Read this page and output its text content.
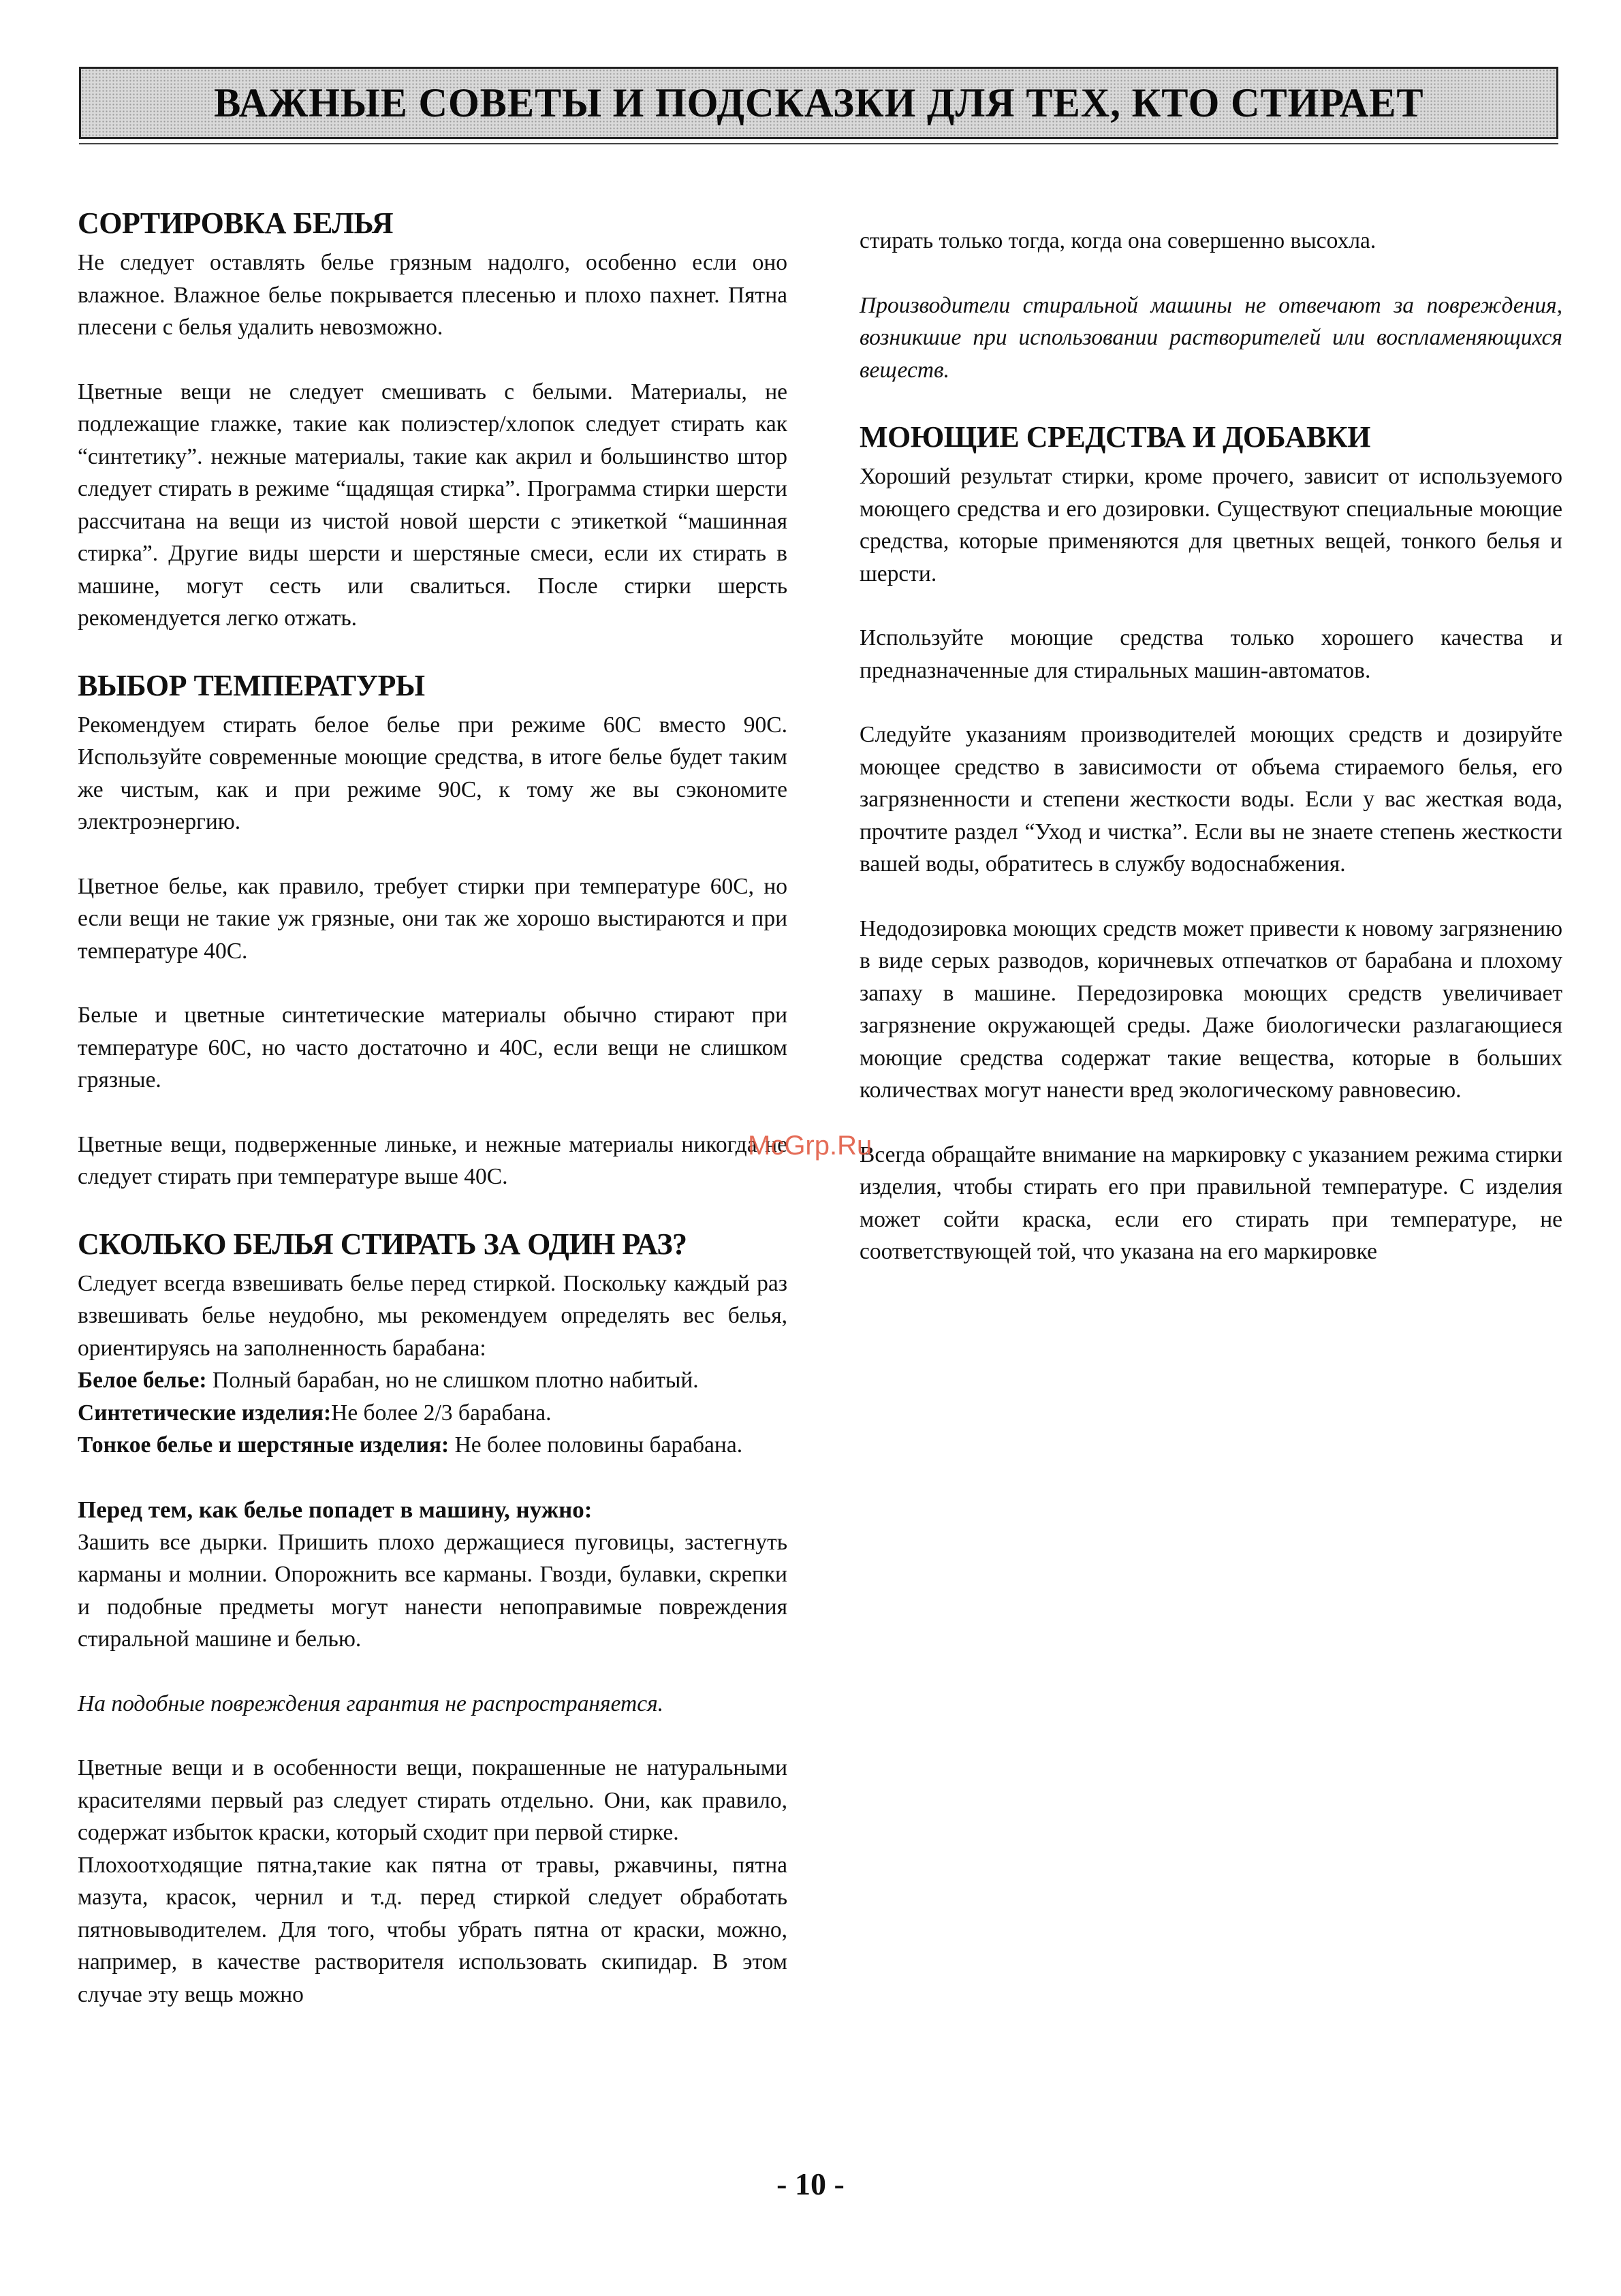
ВАЖНЫЕ СОВЕТЫ И ПОДСКАЗКИ ДЛЯ ТЕХ, КТО СТИРАЕТ
СОРТИРОВКА БЕЛЬЯ

Не следует оставлять белье грязным надолго, особенно если оно влажное. Влажное белье покрывается плесенью и плохо пахнет. Пятна плесени с белья удалить невозможно.

Цветные вещи не следует смешивать с белыми. Материалы, не подлежащие глажке, такие как полиэстер/хлопок следует стирать как “синтетику”. нежные материалы, такие как акрил и большинство штор следует стирать в режиме “щадящая стирка”. Программа стирки шерсти рассчитана на вещи из чистой новой шерсти с этикеткой “машинная стирка”. Другие виды шерсти и шерстяные смеси, если их стирать в машине, могут сесть или свалиться. После стирки шерсть рекомендуется легко отжать.

ВЫБОР ТЕМПЕРАТУРЫ

Рекомендуем стирать белое белье при режиме 60С вместо 90С. Используйте современные моющие средства, в итоге белье будет таким же чистым, как и при режиме 90С, к тому же вы сэкономите электроэнергию.

Цветное белье, как правило, требует стирки при температуре 60С, но если вещи не такие уж грязные, они так же хорошо выстираются и при температуре 40С.

Белые и цветные синтетические материалы обычно стирают при температуре 60С, но часто достаточно и 40С, если вещи не слишком грязные.

Цветные вещи, подверженные линьке, и нежные материалы никогда не следует стирать при температуре выше 40С.

СКОЛЬКО БЕЛЬЯ СТИРАТЬ ЗА ОДИН РАЗ?

Следует всегда взвешивать белье перед стиркой. Поскольку каждый раз взвешивать белье неудобно, мы рекомендуем определять вес белья, ориентируясь на заполненность барабана:

Белое белье: Полный барабан, но не слишком плотно набитый.

Синтетические изделия:Не более 2/3 барабана.

Тонкое белье и шерстяные изделия: Не более половины барабана.

Перед тем, как белье попадет в машину, нужно:

Зашить все дырки. Пришить плохо держащиеся пуговицы, застегнуть карманы и молнии. Опорожнить все карманы. Гвозди, булавки, скрепки и подобные предметы могут нанести непоправимые повреждения стиральной машине и белью.

На подобные повреждения гарантия не распространяется.

Цветные вещи и в особенности вещи, покрашенные не натуральными красителями первый раз следует стирать отдельно. Они, как правило, содержат избыток краски, который сходит при первой стирке.

Плохоотходящие пятна,такие как пятна от травы, ржавчины, пятна мазута, красок, чернил и т.д. перед стиркой следует обработать пятновыводителем. Для того, чтобы убрать пятна от краски, можно, например, в качестве растворителя использовать скипидар. В этом случае эту вещь можно

стирать только тогда, когда она совершенно высохла.

Производители стиральной машины не отвечают за повреждения, возникшие при использовании растворителей или воспламеняющихся веществ.

МОЮЩИЕ СРЕДСТВА И ДОБАВКИ

Хороший результат стирки, кроме прочего, зависит от используемого моющего средства и его дозировки. Существуют специальные моющие средства, которые применяются для цветных вещей, тонкого белья и шерсти.

Используйте моющие средства только хорошего качества и предназначенные для стиральных машин-автоматов.

Следуйте указаниям производителей моющих средств и дозируйте моющее средство в зависимости от объема стираемого белья, его загрязненности и степени жесткости воды. Если у вас жесткая вода, прочтите раздел “Уход и чистка”. Если вы не знаете степень жесткости вашей воды, обратитесь в службу водоснабжения.

Недодозировка моющих средств может привести к новому загрязнению в виде серых разводов, коричневых отпечатков от барабана и плохому запаху в машине. Передозировка моющих средств увеличивает загрязнение окружающей среды. Даже биологически разлагающиеся моющие средства содержат такие вещества, которые в больших количествах могут нанести вред экологическому равновесию.

Всегда обращайте внимание на маркировку с указанием режима стирки изделия, чтобы стирать его при правильной температуре. С изделия может сойти краска, если его стирать при температуре, не соответствующей той, что указана на его маркировке

McGrp.Ru
- 10 -
